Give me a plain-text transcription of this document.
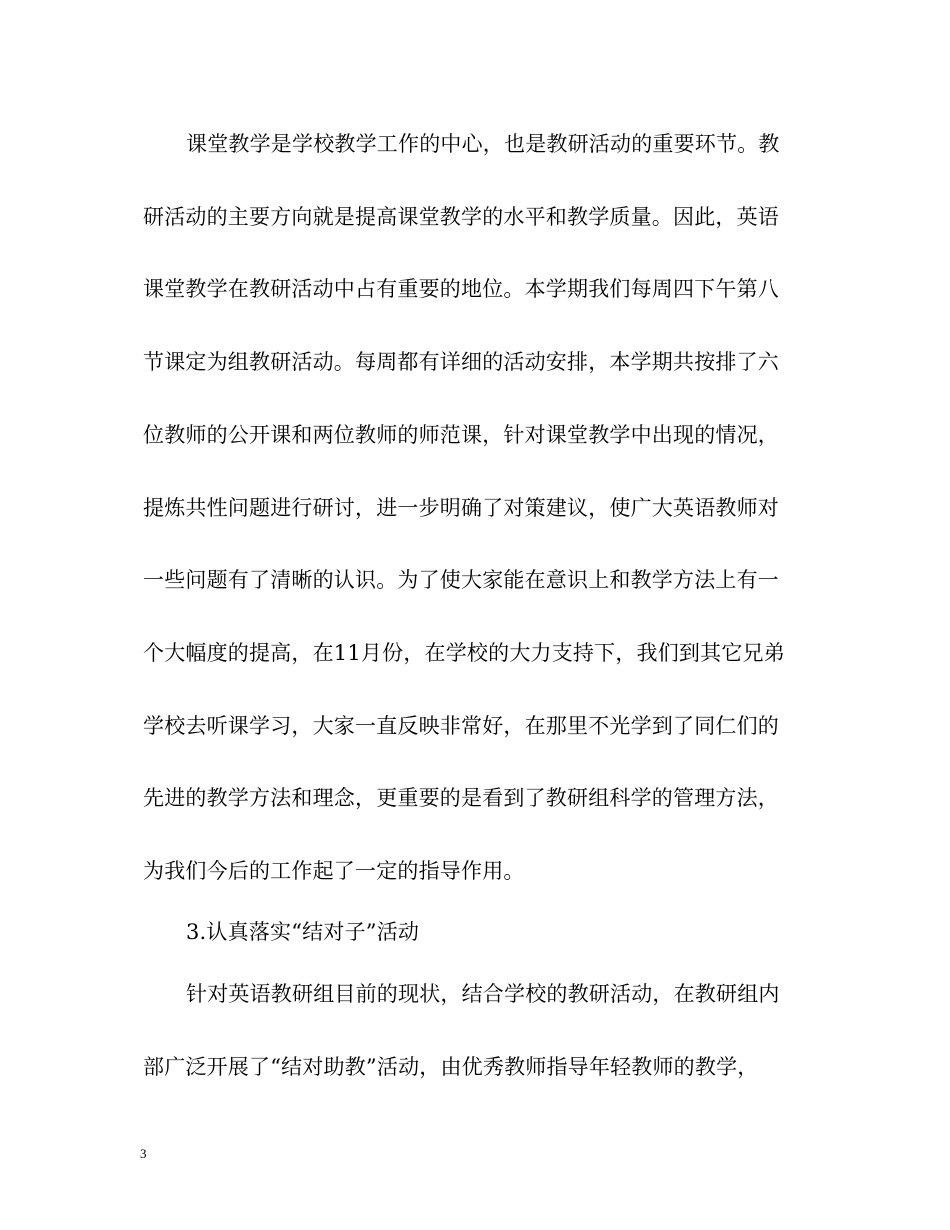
课堂教学是学校教学工作的中心，也是教研活动的重要环节。教
研活动的主要方向就是提高课堂教学的水平和教学质量。因此，英语
课堂教学在教研活动中占有重要的地位。本学期我们每周四下午第八
节课定为组教研活动。每周都有详细的活动安排，本学期共按排了六
位教师的公开课和两位教师的师范课，针对课堂教学中出现的情况，
提炼共性问题进行研讨，进一步明确了对策建议，使广大英语教师对
一些问题有了清晰的认识。为了使大家能在意识上和教学方法上有一
个大幅度的提高，在11月份，在学校的大力支持下，我们到其它兄弟
学校去听课学习，大家一直反映非常好，在那里不光学到了同仁们的
先进的教学方法和理念，更重要的是看到了教研组科学的管理方法，
为我们今后的工作起了一定的指导作用。
3.认真落实“结对子”活动
针对英语教研组目前的现状，结合学校的教研活动，在教研组内
部广泛开展了“结对助教”活动，由优秀教师指导年轻教师的教学，
3
